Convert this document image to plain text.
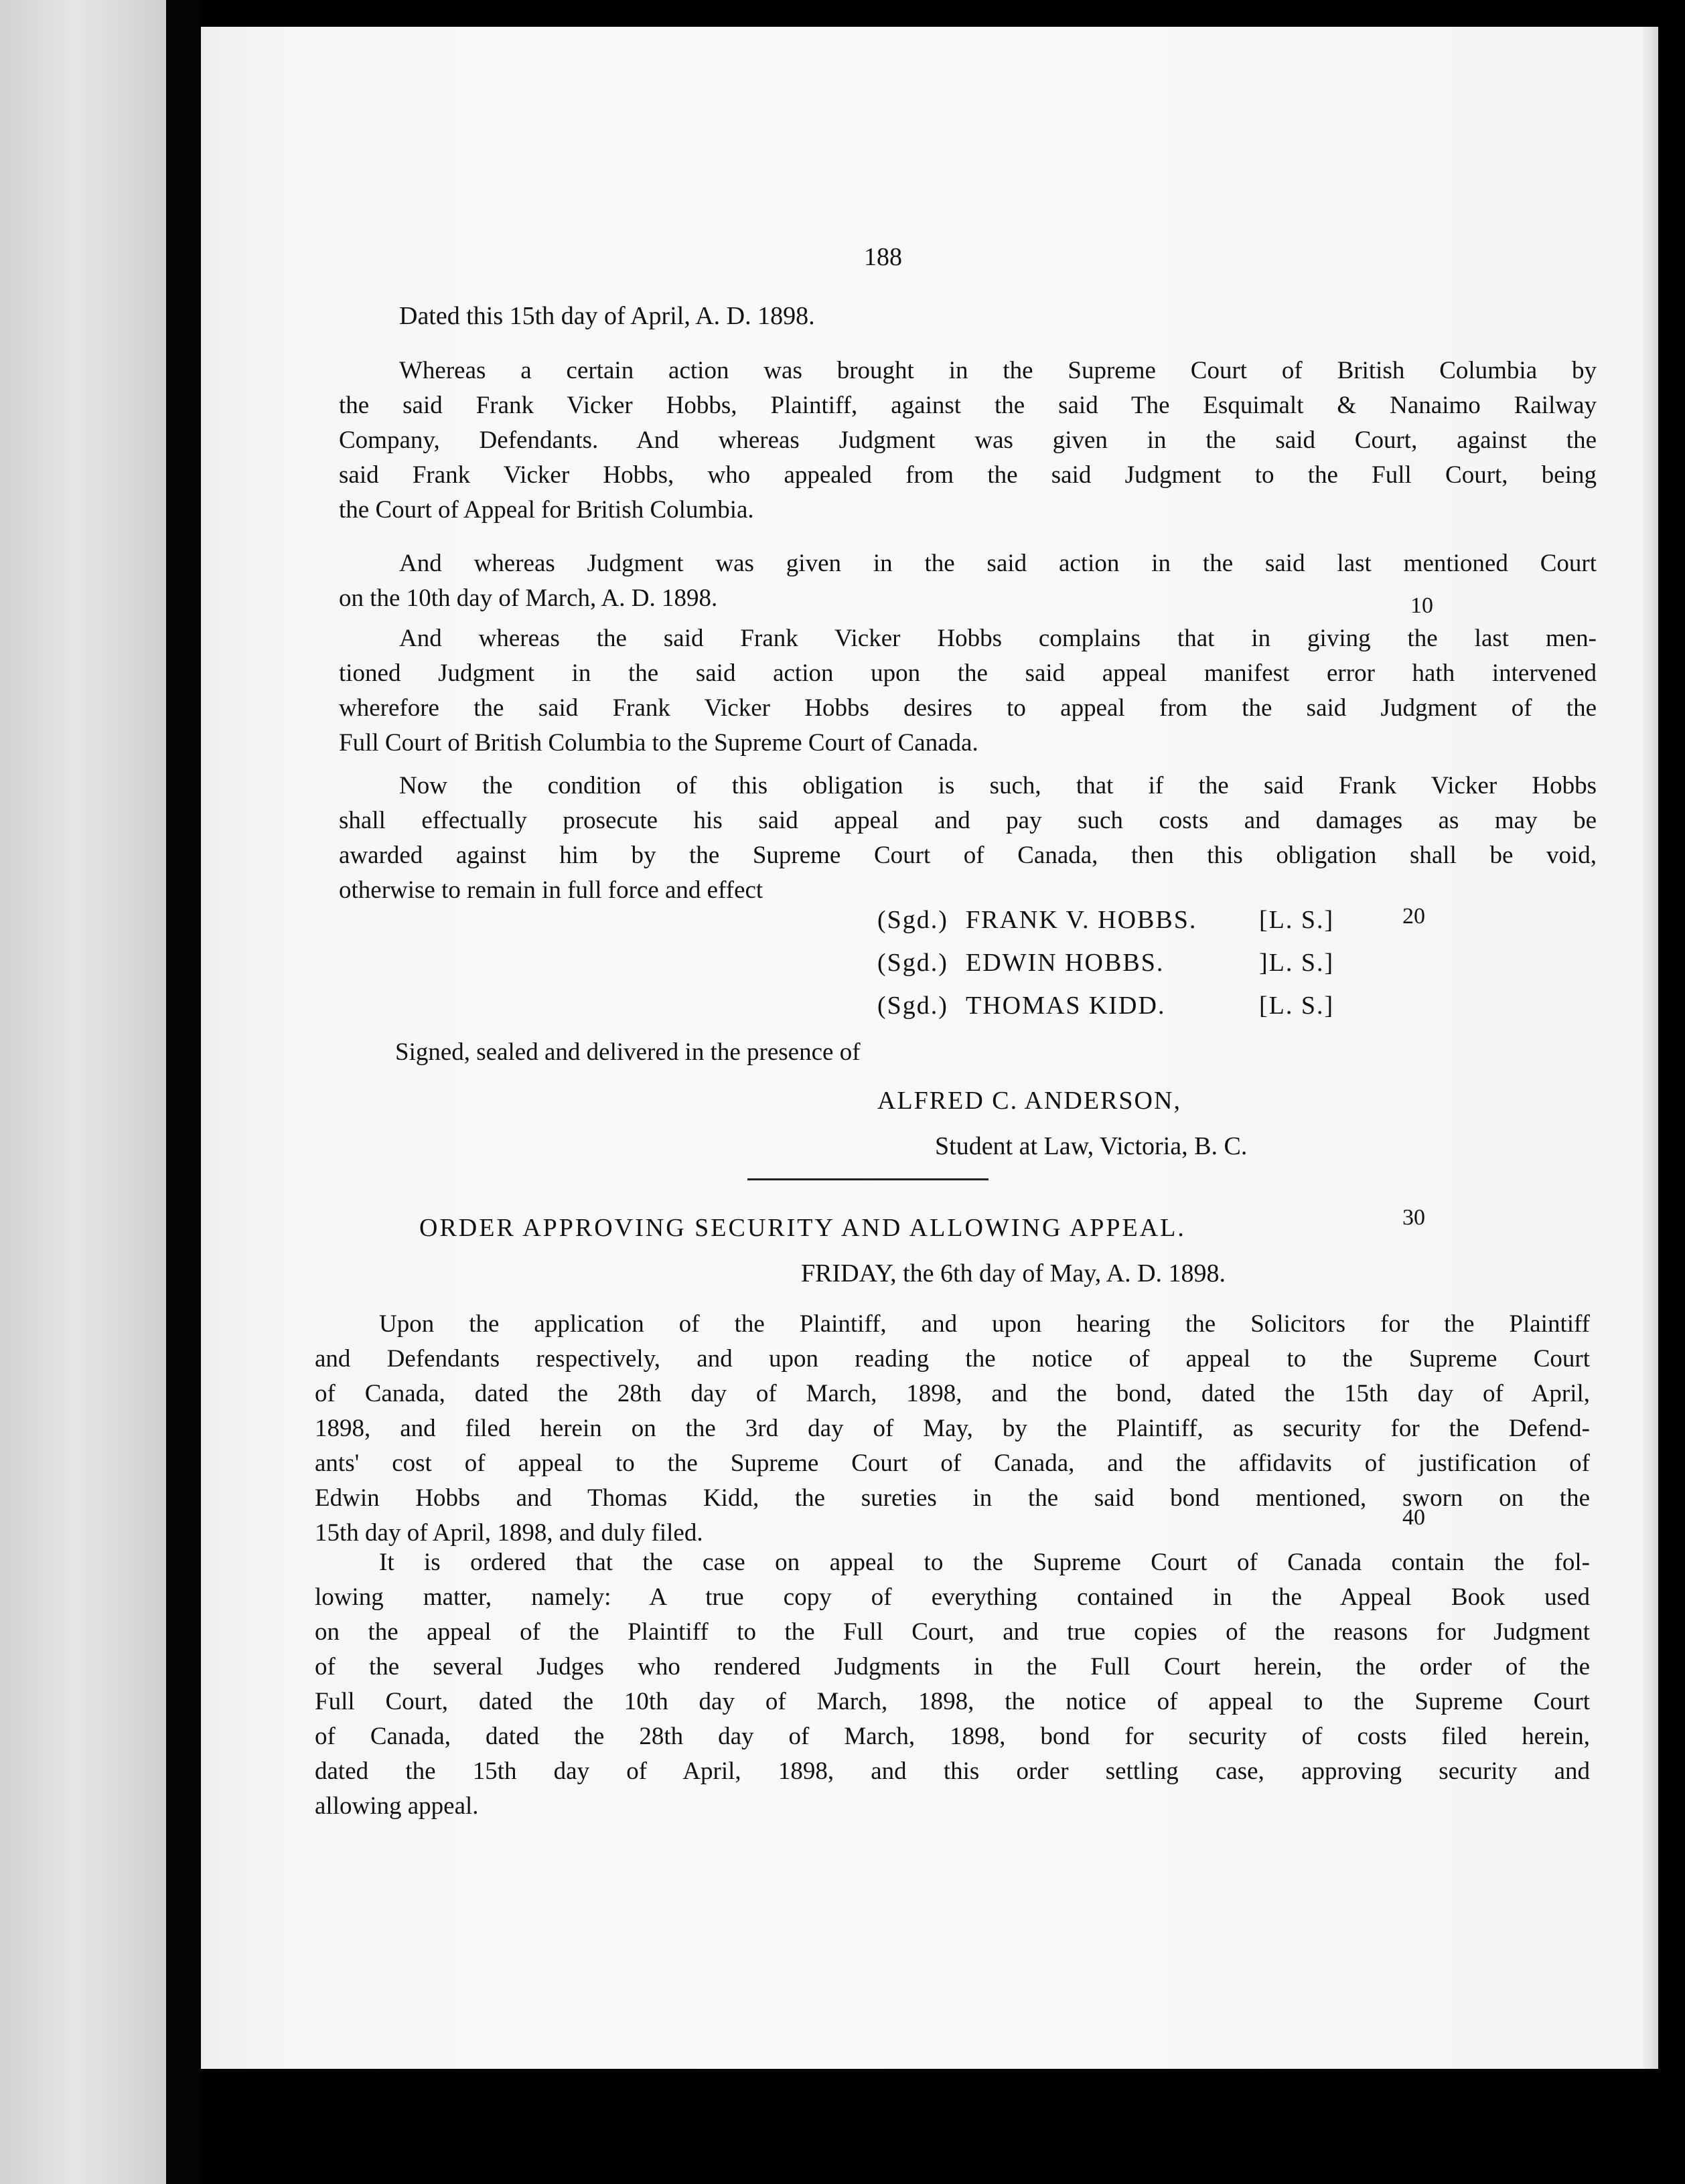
188
Dated this 15th day of April, A. D. 1898.
Whereas a certain action was brought in the Supreme Court of British Columbia by
the said Frank Vicker Hobbs, Plaintiff, against the said The Esquimalt & Nanaimo Railway
Company, Defendants. And whereas Judgment was given in the said Court, against the
said Frank Vicker Hobbs, who appealed from the said Judgment to the Full Court, being
the Court of Appeal for British Columbia.
And whereas Judgment was given in the said action in the said last mentioned Court
on the 10th day of March, A. D. 1898.
And whereas the said Frank Vicker Hobbs complains that in giving the last men-
tioned Judgment in the said action upon the said appeal manifest error hath intervened
wherefore the said Frank Vicker Hobbs desires to appeal from the said Judgment of the
Full Court of British Columbia to the Supreme Court of Canada.
Now the condition of this obligation is such, that if the said Frank Vicker Hobbs
shall effectually prosecute his said appeal and pay such costs and damages as may be
awarded against him by the Supreme Court of Canada, then this obligation shall be void,
otherwise to remain in full force and effect
(Sgd.) FRANK V. HOBBS. [L. S.]
(Sgd.) EDWIN HOBBS.	]L. S.]
(Sgd.) THOMAS KIDD.	[L. S.]
Signed, sealed and delivered in the presence of
ALFRED C. ANDERSON,
Student at Law, Victoria, B. C.
ORDER APPROVING SECURITY AND ALLOWING APPEAL.
FRIDAY, the 6th day of May, A. D. 1898.
Upon the application of the Plaintiff, and upon hearing the Solicitors for the Plaintiff
and Defendants respectively, and upon reading the notice of appeal to the Supreme Court
of Canada, dated the 28th day of March, 1898, and the bond, dated the 15th day of April,
1898, and filed herein on the 3rd day of May, by the Plaintiff, as security for the Defend-
ants' cost of appeal to the Supreme Court of Canada, and the affidavits of justification of
Edwin Hobbs and Thomas Kidd, the sureties in the said bond mentioned, sworn on the
15th day of April, 1898, and duly filed.
It is ordered that the case on appeal to the Supreme Court of Canada contain the fol-
lowing matter, namely: A true copy of everything contained in the Appeal Book used
on the appeal of the Plaintiff to the Full Court, and true copies of the reasons for Judgment
of the several Judges who rendered Judgments in the Full Court herein, the order of the
Full Court, dated the 10th day of March, 1898, the notice of appeal to the Supreme Court
of Canada, dated the 28th day of March, 1898, bond for security of costs filed herein,
dated the 15th day of April, 1898, and this order settling case, approving security and
allowing appeal.
10
20
30
40
